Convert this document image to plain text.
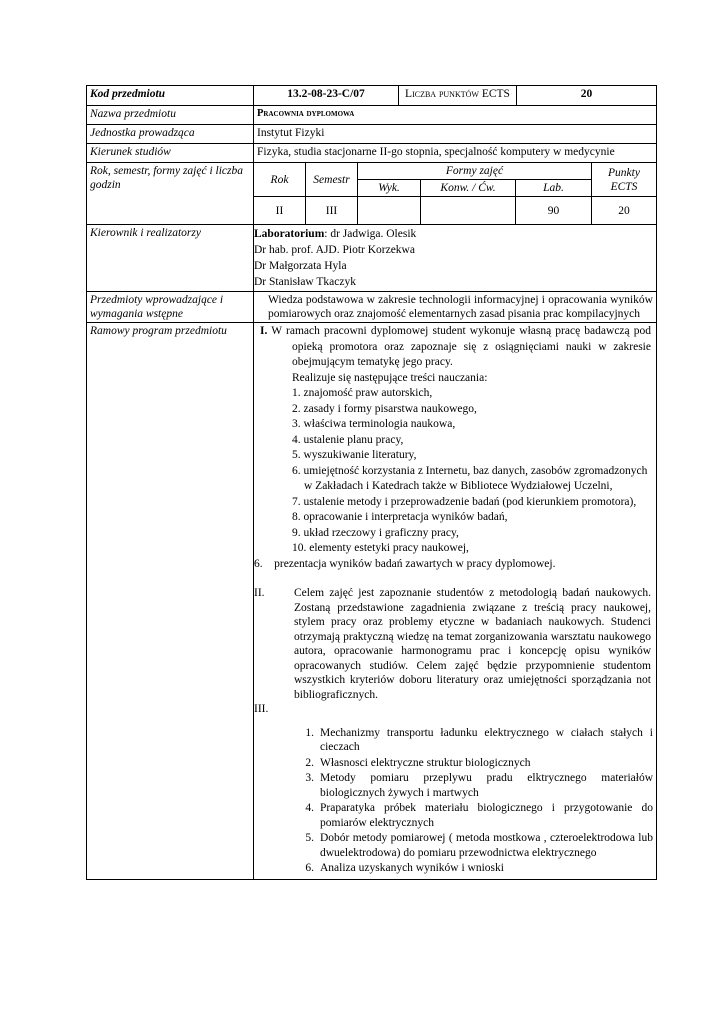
Kod przedmiotu	13.2-08-23-C/07	Liczba punktów ECTS	20
Nazwa przedmiotu	Pracownia dyplomowa
Jednostka prowadząca	Instytut Fizyki
Kierunek studiów	Fizyka, studia stacjonarne II-go stopnia, specjalność komputery w medycynie
Rok, semestr, formy zajęć i liczba godzin		Rok	Semestr	Formy zajęć	Punkty ECTS
Wyk.	Konw. / Ćw.	Lab.
II	III			90	20

Kierownik i realizatorzy	Laboratorium: dr Jadwiga. Olesik
Dr hab. prof. AJD. Piotr Korzekwa
Dr Małgorzata Hyla
Dr Stanisław Tkaczyk

Przedmioty wprowadzające i wymagania wstępne	Wiedza podstawowa w zakresie technologii informacyjnej i opracowania wyników pomiarowych oraz znajomość elementarnych zasad pisania prac kompilacyjnych
Ramowy program przedmiotu	I. W ramach pracowni dyplomowej student wykonuje własną pracę badawczą pod opieką promotora oraz zapoznaje się z osiągnięciami nauki w zakresie obejmującym tematykę jego pracy.

Realizuje się następujące treści nauczania:

1. znajomość praw autorskich,

2. zasady i formy pisarstwa naukowego,

3. właściwa terminologia naukowa,

4. ustalenie planu pracy,

5. wyszukiwanie literatury,

6. umiejętność korzystania z Internetu, baz danych, zasobów zgromadzonych

w Zakładach i Katedrach także w Bibliotece Wydziałowej Uczelni,

7. ustalenie metody i przeprowadzenie badań (pod kierunkiem promotora),

8. opracowanie i interpretacja wyników badań,

9. układ rzeczowy i graficzny pracy,

10. elementy estetyki pracy naukowej,

6. prezentacja wyników badań zawartych w pracy dyplomowej.

II.	Celem zajęć jest zapoznanie studentów z metodologią badań naukowych. Zostaną przedstawione zagadnienia związane z treścią pracy naukowej, stylem pracy oraz problemy etyczne w badaniach naukowych. Studenci otrzymają praktyczną wiedzę na temat zorganizowania warsztatu naukowego autora, opracowanie harmonogramu prac i koncepcję opisu wyników opracowanych studiów. Celem zajęć będzie przypomnienie studentom wszystkich kryteriów doboru literatury oraz umiejętności sporządzania not bibliograficznych.
III.
1. Mechanizmy transportu ładunku elektrycznego w ciałach stałych i cieczach
2. Własnosci elektryczne struktur biologicznych
3. Metody pomiaru przeplywu pradu elktrycznego materiałów biologicznych żywych i martwych
4. Praparatyka próbek materiału biologicznego i przygotowanie do pomiarów elektrycznych
5. Dobór metody pomiarowej ( metoda mostkowa , czteroelektrodowa lub dwuelektrodowa) do pomiaru przewodnictwa elektrycznego
6. Analiza uzyskanych wyników i wnioski
